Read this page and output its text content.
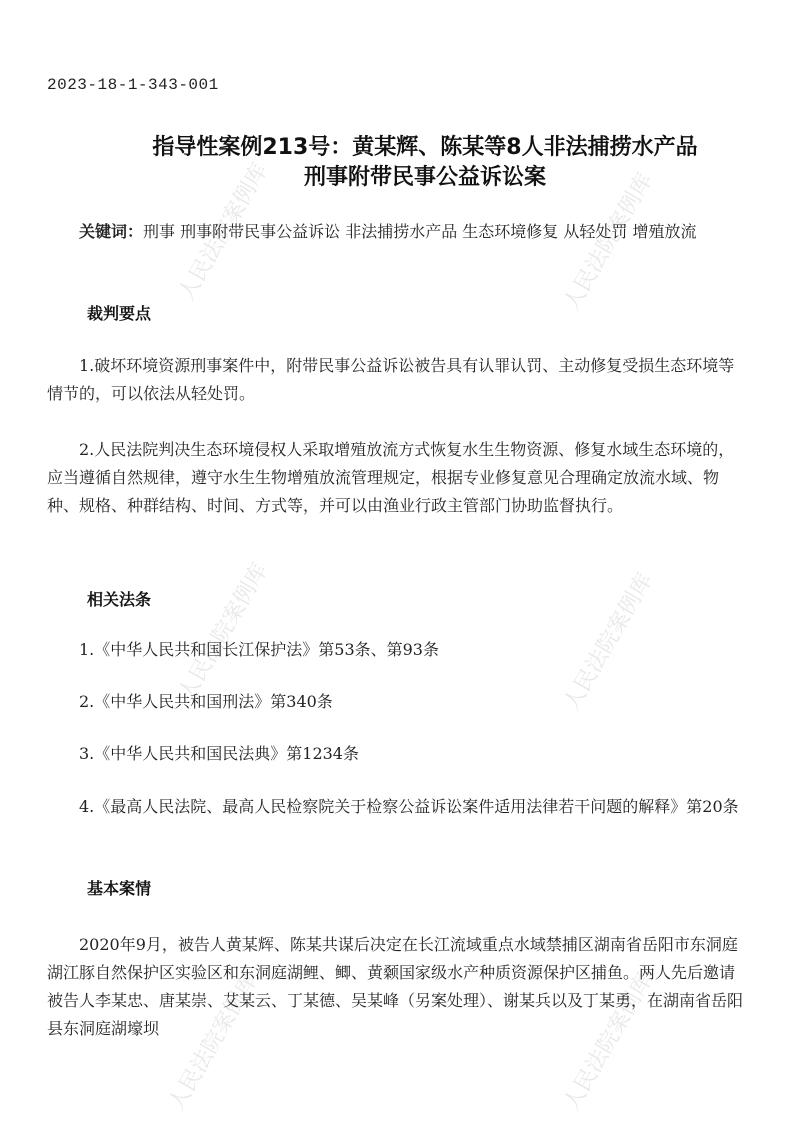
人民法院案例库
人民法院案例库
人民法院案例库
人民法院案例库
人民法院案例库
人民法院案例库
2023-18-1-343-001
指导性案例213号：黄某辉、陈某等8人非法捕捞水产品
刑事附带民事公益诉讼案

关键词：刑事 刑事附带民事公益诉讼 非法捕捞水产品 生态环境修复 从轻处罚 增殖放流

裁判要点

1.破坏环境资源刑事案件中，附带民事公益诉讼被告具有认罪认罚、主动修复受损生态环境等情节的，可以依法从轻处罚。

2.人民法院判决生态环境侵权人采取增殖放流方式恢复水生生物资源、修复水域生态环境的，应当遵循自然规律，遵守水生生物增殖放流管理规定，根据专业修复意见合理确定放流水域、物种、规格、种群结构、时间、方式等，并可以由渔业行政主管部门协助监督执行。

相关法条

1.《中华人民共和国长江保护法》第53条、第93条

2.《中华人民共和国刑法》第340条

3.《中华人民共和国民法典》第1234条

4.《最高人民法院、最高人民检察院关于检察公益诉讼案件适用法律若干问题的解释》第20条

基本案情

2020年9月，被告人黄某辉、陈某共谋后决定在长江流域重点水域禁捕区湖南省岳阳市东洞庭湖江豚自然保护区实验区和东洞庭湖鲤、鲫、黄颡国家级水产种质资源保护区捕鱼。两人先后邀请被告人李某忠、唐某崇、艾某云、丁某德、吴某峰（另案处理）、谢某兵以及丁某勇，在湖南省岳阳县东洞庭湖壕坝
